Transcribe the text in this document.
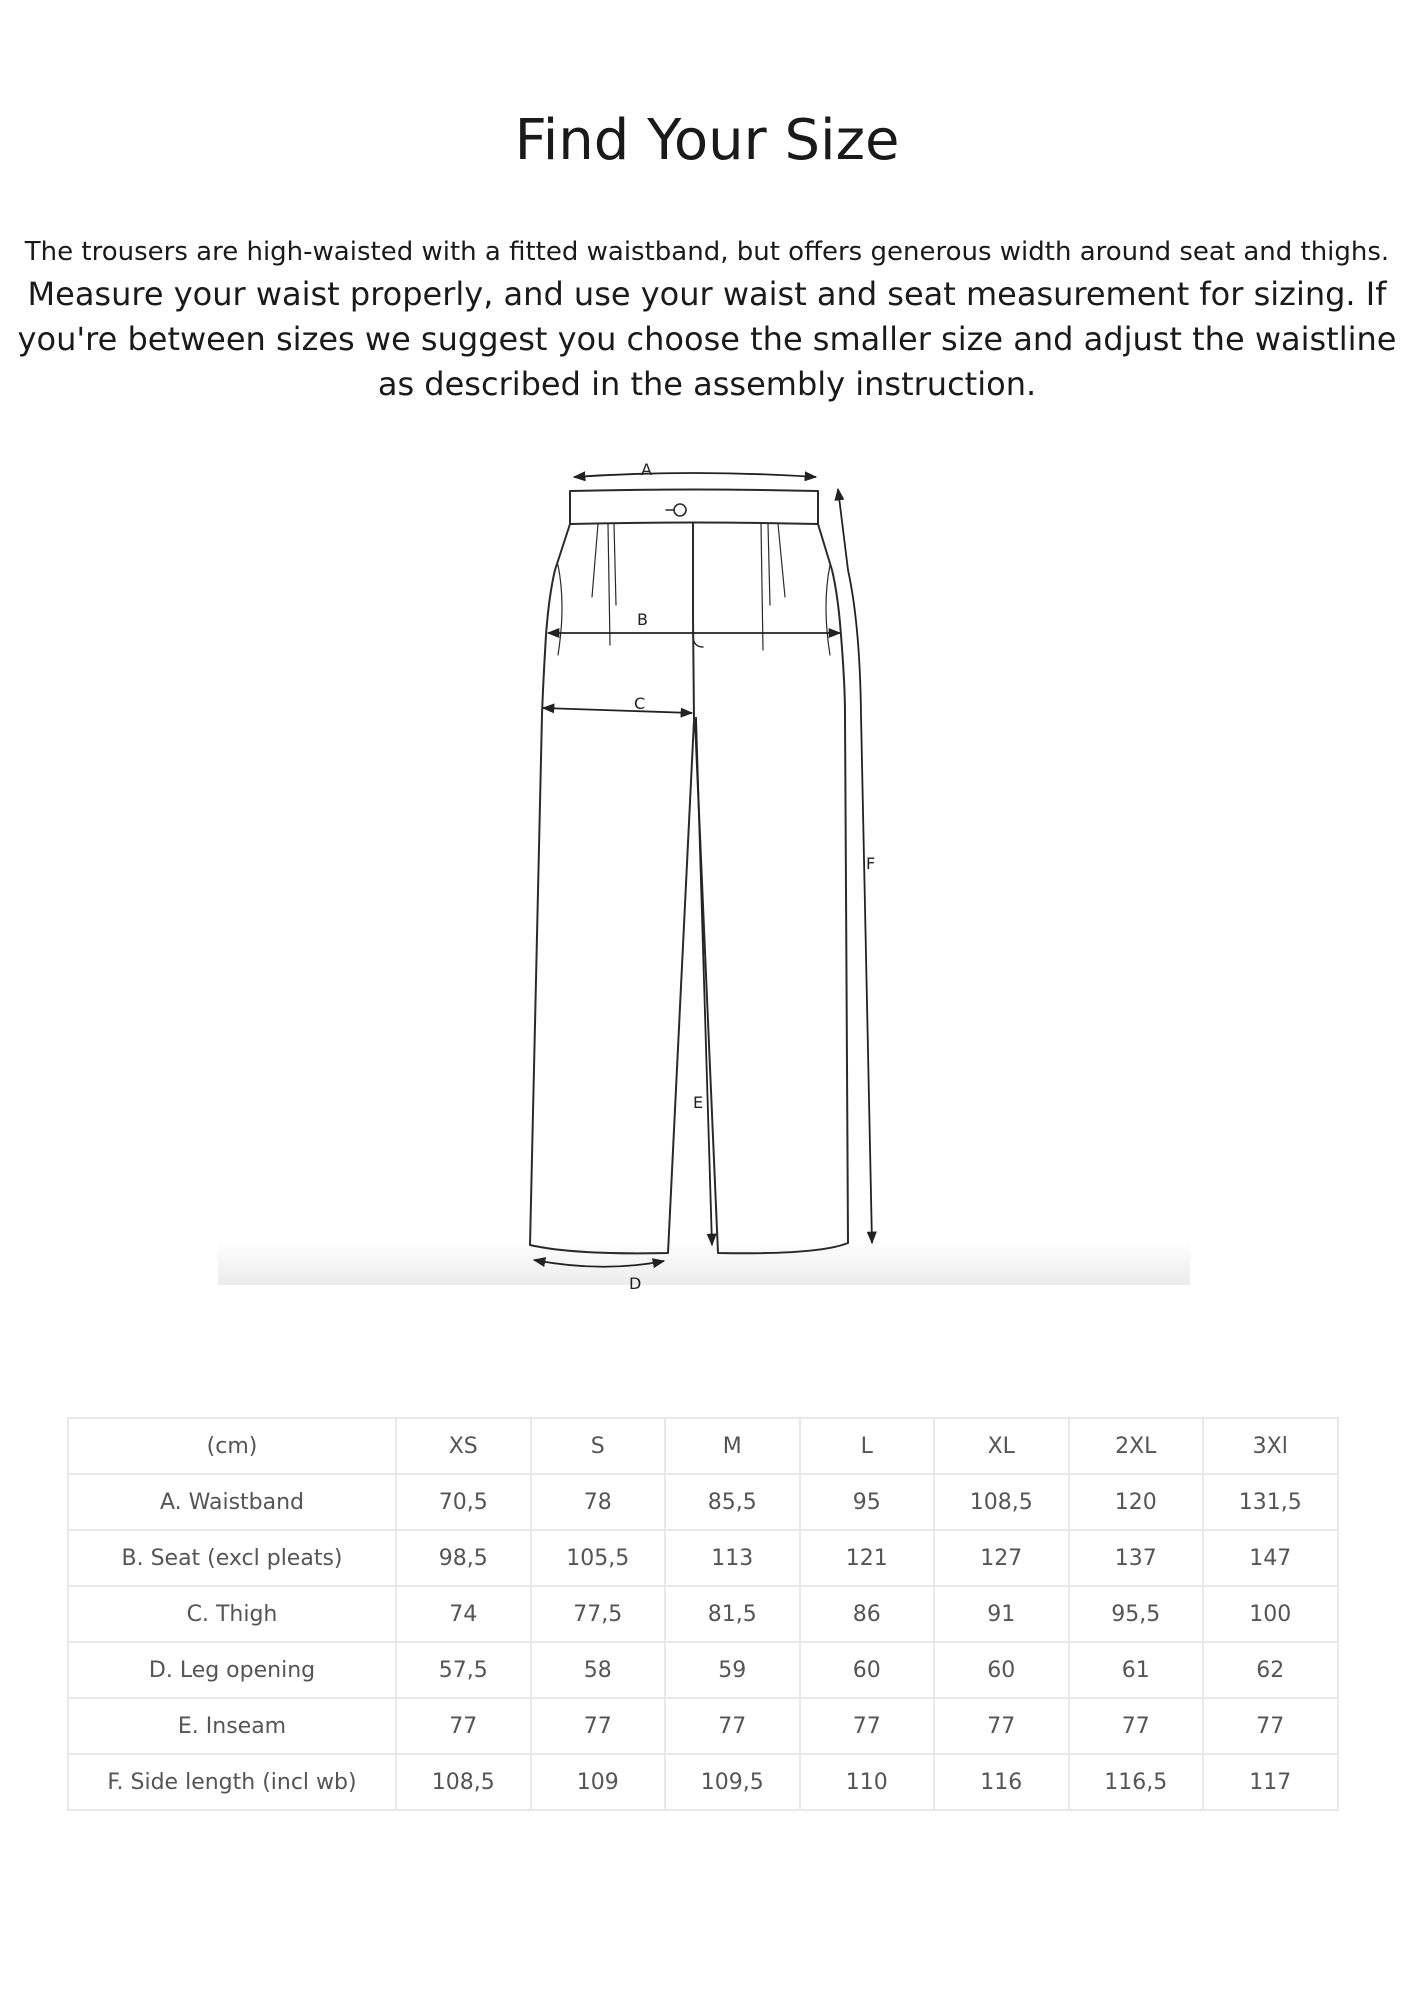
Find Your Size

The trousers are high-waisted with a fitted waistband, but offers generous width around seat and thighs.

Measure your waist properly, and use your waist and seat measurement for sizing. If you're between sizes we suggest you choose the smaller size and adjust the waistline as described in the assembly instruction.

A
B
C
D
E
F
(cm)	XS	S	M	L	XL	2XL	3Xl
A. Waistband	70,5	78	85,5	95	108,5	120	131,5
B. Seat (excl pleats)	98,5	105,5	113	121	127	137	147
C. Thigh	74	77,5	81,5	86	91	95,5	100
D. Leg opening	57,5	58	59	60	60	61	62
E. Inseam	77	77	77	77	77	77	77
F. Side length (incl wb)	108,5	109	109,5	110	116	116,5	117
